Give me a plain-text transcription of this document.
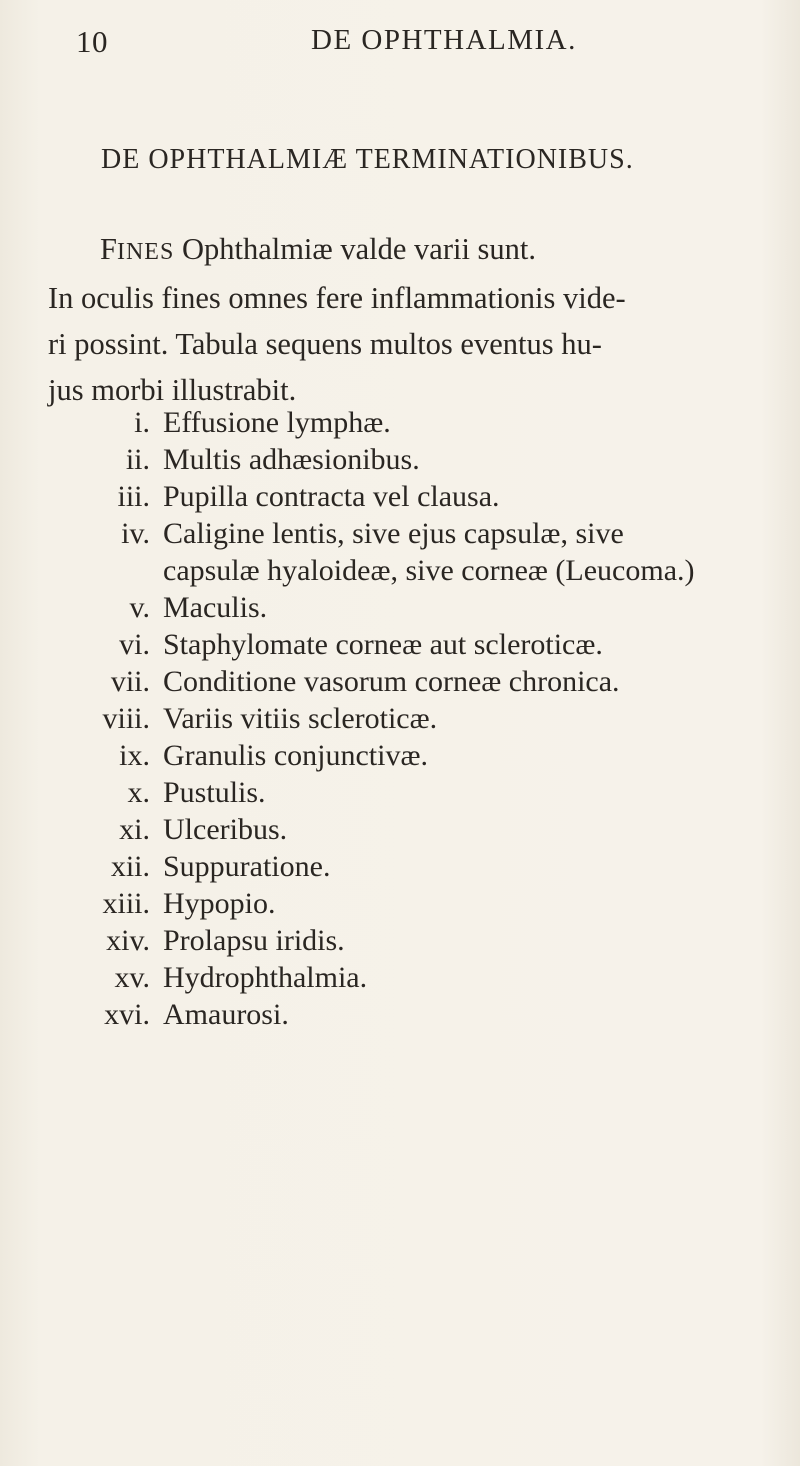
10	DE OPHTHALMIA.
DE OPHTHALMIÆ TERMINATIONIBUS.
FINES Ophthalmiæ valde varii sunt.
In oculis fines omnes fere inflammationis vide-
ri possint. Tabula sequens multos eventus hu-
jus morbi illustrabit.
i. Effusione lymphæ.
ii. Multis adhæsionibus.
iii. Pupilla contracta vel clausa.
iv. Caligine lentis, sive ejus capsulæ, sive
capsulæ hyaloideæ, sive corneæ (Leucoma.)
v. Maculis.
vi. Staphylomate corneæ aut scleroticæ.
vii. Conditione vasorum corneæ chronica.
viii. Variis vitiis scleroticæ.
ix. Granulis conjunctivæ.
x. Pustulis.
xi. Ulceribus.
xii. Suppuratione.
xiii. Hypopio.
xiv. Prolapsu iridis.
xv. Hydrophthalmia.
xvi. Amaurosi.
